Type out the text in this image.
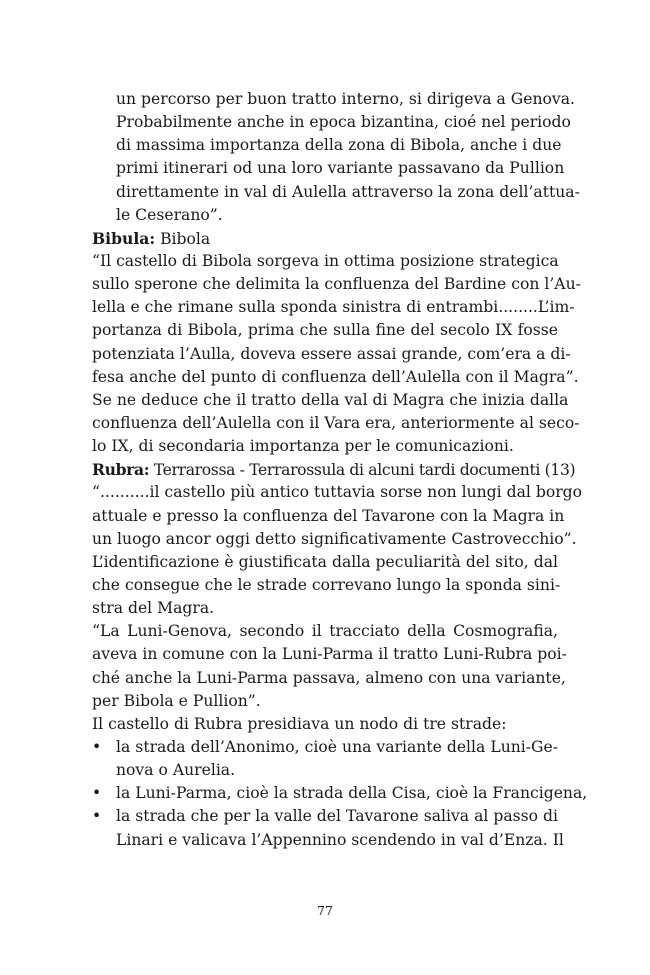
un percorso per buon tratto interno, si dirigeva a Genova.
Probabilmente anche in epoca bizantina, cioé nel periodo
di massima importanza della zona di Bibola, anche i due
primi itinerari od una loro variante passavano da Pullion
direttamente in val di Aulella attraverso la zona dell’attua-
le Ceserano”.
Bibula: Bibola
“Il castello di Bibola sorgeva in ottima posizione strategica
sullo sperone che delimita la confluenza del Bardine con l’Au-
lella e che rimane sulla sponda sinistra di entrambi........L’im-
portanza di Bibola, prima che sulla fine del secolo IX fosse
potenziata l’Aulla, doveva essere assai grande, com’era a di-
fesa anche del punto di confluenza dell’Aulella con il Magra”.
Se ne deduce che il tratto della val di Magra che inizia dalla
confluenza dell’Aulella con il Vara era, anteriormente al seco-
lo IX, di secondaria importanza per le comunicazioni.
Rubra: Terrarossa - Terrarossula di alcuni tardi documenti (13)
“..........il castello più antico tuttavia sorse non lungi dal borgo
attuale e presso la confluenza del Tavarone con la Magra in
un luogo ancor oggi detto significativamente Castrovecchio”.
L’identificazione è giustificata dalla peculiarità del sito, dal
che consegue che le strade correvano lungo la sponda sini-
stra del Magra.
“La Luni-Genova, secondo il tracciato della Cosmografia,
aveva in comune con la Luni-Parma il tratto Luni-Rubra poi-
ché anche la Luni-Parma passava, almeno con una variante,
per Bibola e Pullion”.
Il castello di Rubra presidiava un nodo di tre strade:
• la strada dell’Anonimo, cioè una variante della Luni-Ge-
nova o Aurelia.
• la Luni-Parma, cioè la strada della Cisa, cioè la Francigena,
• la strada che per la valle del Tavarone saliva al passo di
Linari e valicava l’Appennino scendendo in val d’Enza. Il
77
